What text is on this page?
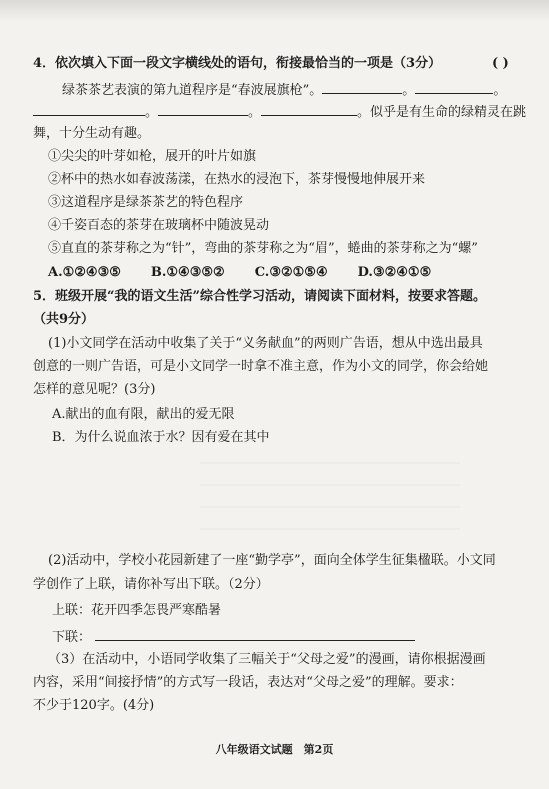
4．依次填入下面一段文字横线处的语句，衔接最恰当的一项是（3分）	( )
绿茶茶艺表演的第九道程序是“春波展旗枪”。	。	。
。	。	。似乎是有生命的绿精灵在跳
舞，十分生动有趣。
①尖尖的叶芽如枪，展开的叶片如旗
②杯中的热水如春波荡漾，在热水的浸泡下，茶芽慢慢地伸展开来
③这道程序是绿茶茶艺的特色程序
④千姿百态的茶芽在玻璃杯中随波晃动
⑤直直的茶芽称之为“针”，弯曲的茶芽称之为“眉”，蜷曲的茶芽称之为“螺”
A.①②④③⑤ B.①④③⑤② C.③②①⑤④ D.③②④①⑤
5．班级开展“我的语文生活”综合性学习活动，请阅读下面材料，按要求答题。
（共9分）
(1)小文同学在活动中收集了关于“义务献血”的两则广告语，想从中选出最具
创意的一则广告语，可是小文同学一时拿不准主意，作为小文的同学，你会给她
怎样的意见呢？(3分)
A.献出的血有限，献出的爱无限
B．为什么说血浓于水？因有爱在其中
(2)活动中，学校小花园新建了一座“勤学亭”，面向全体学生征集楹联。小文同
学创作了上联，请你补写出下联。（2分）
上联：花开四季怎畏严寒酷暑
下联：
（3）在活动中，小语同学收集了三幅关于“父母之爱”的漫画，请你根据漫画
内容，采用“间接抒情”的方式写一段话，表达对“父母之爱”的理解。要求：
不少于120字。(4分)
八年级语文试题　第2页
